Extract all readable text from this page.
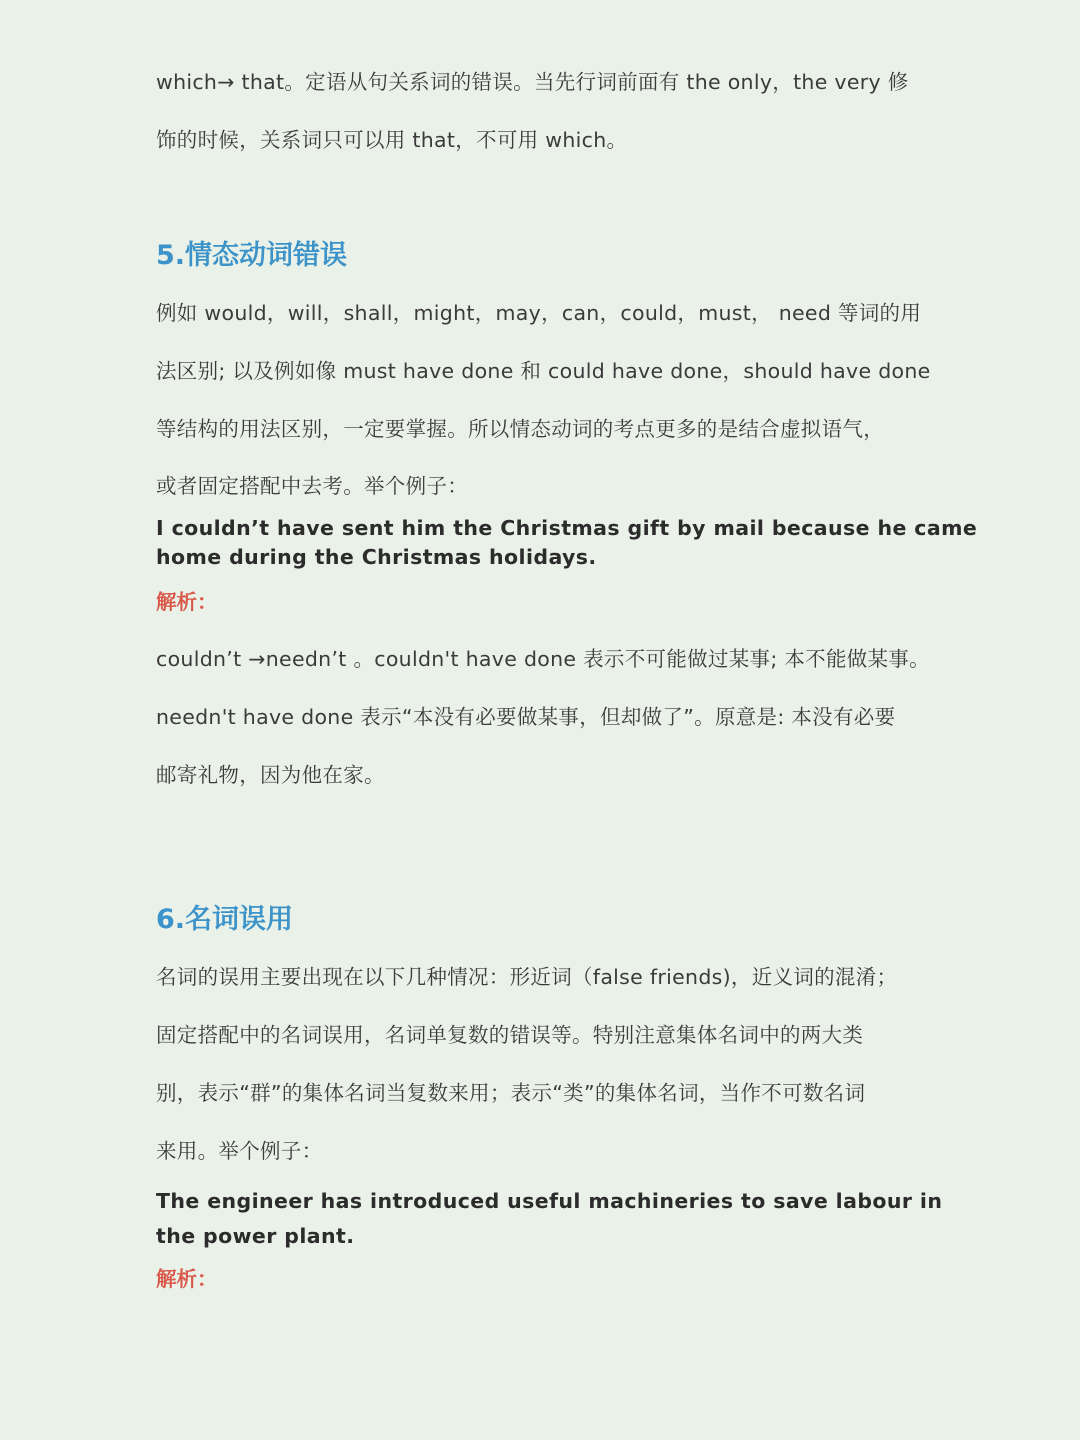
which→ that。定语从句关系词的错误。当先行词前面有 the only，the very 修
饰的时候，关系词只可以用 that，不可用 which。
5.情态动词错误
例如 would，will，shall，might，may，can，could，must， need 等词的用
法区别; 以及例如像 must have done 和 could have done，should have done
等结构的用法区别，一定要掌握。所以情态动词的考点更多的是结合虚拟语气，
或者固定搭配中去考。举个例子：
I couldn’t have sent him the Christmas gift by mail because he came
home during the Christmas holidays.
解析：
couldn’t →needn’t 。couldn't have done 表示不可能做过某事; 本不能做某事。
needn't have done 表示“本没有必要做某事，但却做了”。原意是: 本没有必要
邮寄礼物，因为他在家。
6.名词误用
名词的误用主要出现在以下几种情况：形近词（false friends)，近义词的混淆；
固定搭配中的名词误用，名词单复数的错误等。特别注意集体名词中的两大类
别，表示“群”的集体名词当复数来用；表示“类”的集体名词，当作不可数名词
来用。举个例子：
The engineer has introduced useful machineries to save labour in
the power plant.
解析：
